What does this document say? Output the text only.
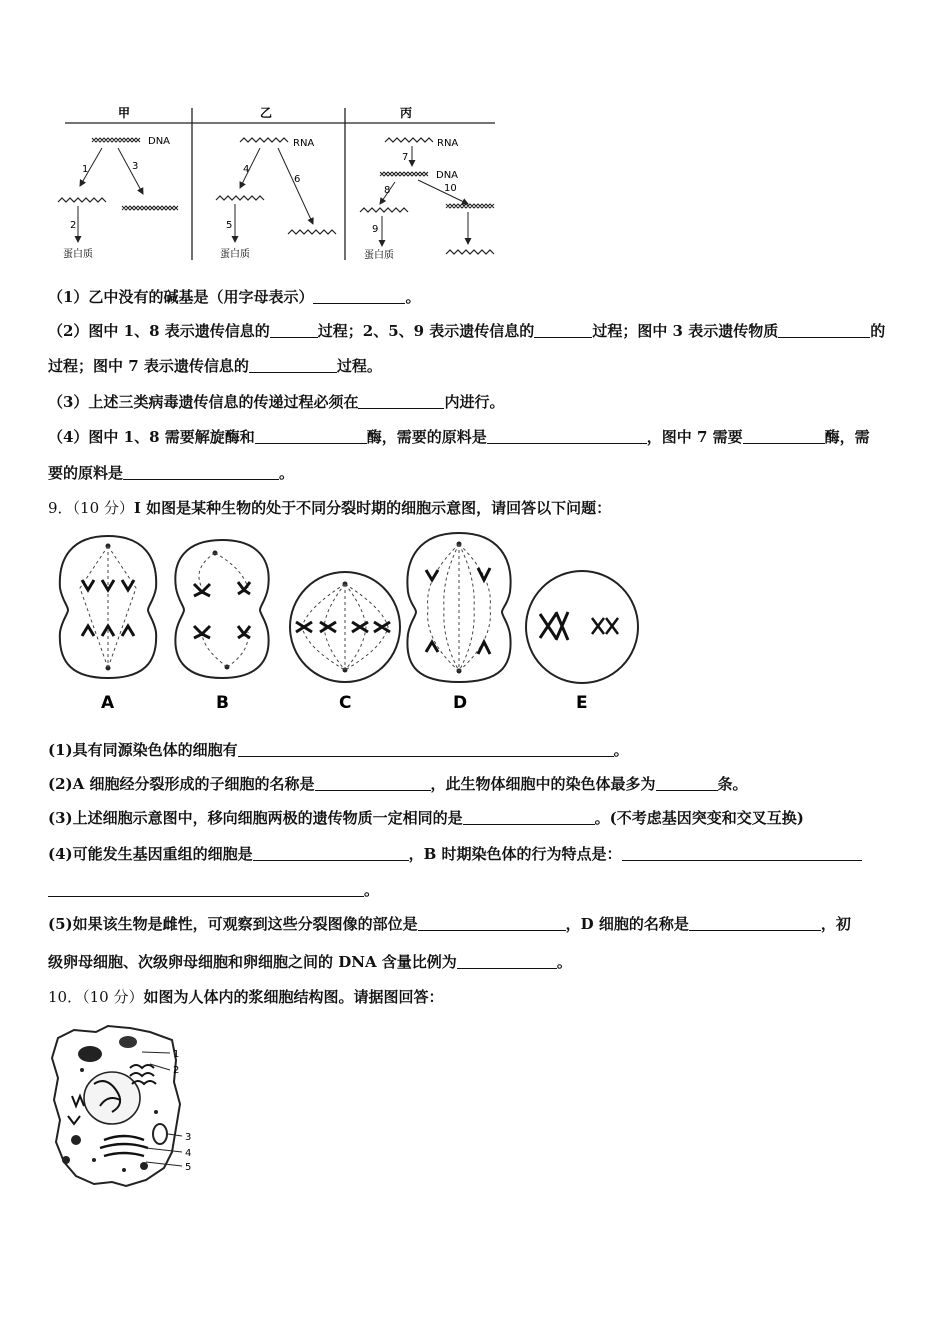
甲	乙	丙
DNA
1	3
2
蛋白质
RNA
4
6
5
蛋白质
RNA
7
DNA
8	10
9
蛋白质
（1）乙中没有的碱基是（用字母表示）	。
（2）图中 1、8 表示遗传信息的	过程；2、5、9 表示遗传信息的	过程；图中 3 表示遗传物质	的
过程；图中 7 表示遗传信息的	过程。
（3）上述三类病毒遗传信息的传递过程必须在	内进行。
（4）图中 1、8 需要解旋酶和	酶，需要的原料是	，图中 7 需要	酶，需
要的原料是	。
9．（10 分）I 如图是某种生物的处于不同分裂时期的细胞示意图，请回答以下问题：
A	B	C	D	E
(1)具有同源染色体的细胞有	。
(2)A 细胞经分裂形成的子细胞的名称是	，此生物体细胞中的染色体最多为	条。
(3)上述细胞示意图中，移向细胞两极的遗传物质一定相同的是	。(不考虑基因突变和交叉互换)
(4)可能发生基因重组的细胞是	，B 时期染色体的行为特点是：
。
(5)如果该生物是雌性，可观察到这些分裂图像的部位是	，D 细胞的名称是	，初
级卵母细胞、次级卵母细胞和卵细胞之间的 DNA 含量比例为	。
10．（10 分）如图为人体内的浆细胞结构图。请据图回答：
1
2
3
4
5
